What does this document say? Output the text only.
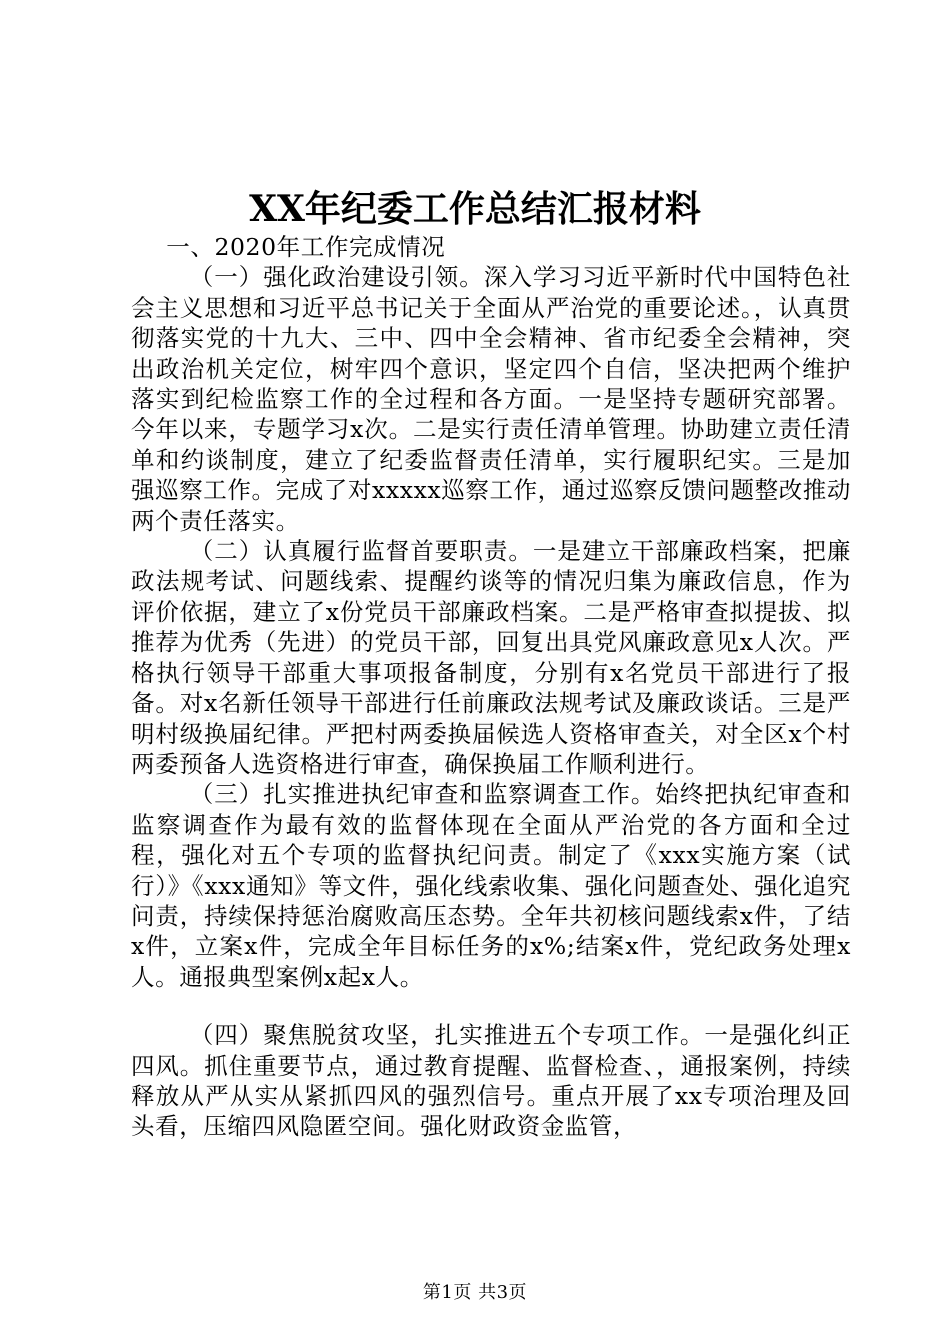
XX年纪委工作总结汇报材料

一、2020年工作完成情况

（一）强化政治建设引领。深入学习习近平新时代中国特色社会主义思想和习近平总书记关于全面从严治党的重要论述。，认真贯彻落实党的十九大、三中、四中全会精神、省市纪委全会精神，突出政治机关定位，树牢四个意识，坚定四个自信，坚决把两个维护落实到纪检监察工作的全过程和各方面。一是坚持专题研究部署。今年以来，专题学习x次。二是实行责任清单管理。协助建立责任清单和约谈制度，建立了纪委监督责任清单，实行履职纪实。三是加强巡察工作。完成了对xxxxx巡察工作，通过巡察反馈问题整改推动两个责任落实。

（二）认真履行监督首要职责。一是建立干部廉政档案，把廉政法规考试、问题线索、提醒约谈等的情况归集为廉政信息，作为评价依据，建立了x份党员干部廉政档案。二是严格审查拟提拔、拟推荐为优秀（先进）的党员干部，回复出具党风廉政意见x人次。严格执行领导干部重大事项报备制度，分别有x名党员干部进行了报备。对x名新任领导干部进行任前廉政法规考试及廉政谈话。三是严明村级换届纪律。严把村两委换届候选人资格审查关，对全区x个村两委预备人选资格进行审查，确保换届工作顺利进行。

（三）扎实推进执纪审查和监察调查工作。始终把执纪审查和监察调查作为最有效的监督体现在全面从严治党的各方面和全过程，强化对五个专项的监督执纪问责。制定了《xxx实施方案（试行）》《xxx通知》等文件，强化线索收集、强化问题查处、强化追究问责，持续保持惩治腐败高压态势。全年共初核问题线索x件，了结x件，立案x件，完成全年目标任务的x%;结案x件，党纪政务处理x人。通报典型案例x起x人。

（四）聚焦脱贫攻坚，扎实推进五个专项工作。一是强化纠正四风。抓住重要节点，通过教育提醒、监督检查、，通报案例，持续释放从严从实从紧抓四风的强烈信号。重点开展了xx专项治理及回头看，压缩四风隐匿空间。强化财政资金监管，

第1页 共3页
